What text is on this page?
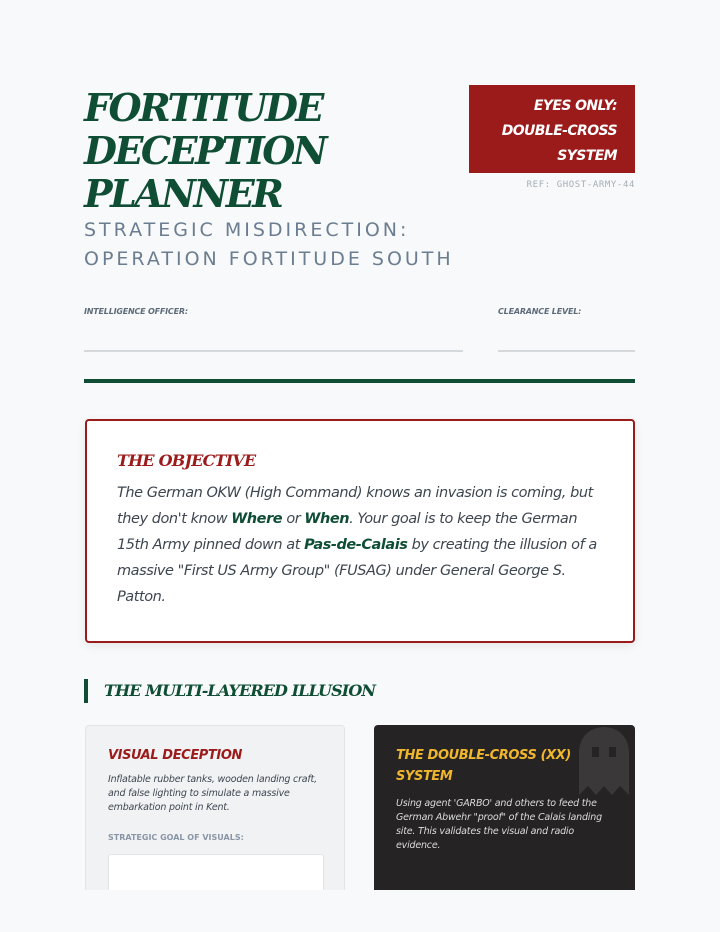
FORTITUDE
DECEPTION
PLANNER
STRATEGIC MISDIRECTION:
OPERATION FORTITUDE SOUTH
EYES ONLY:
DOUBLE-CROSS
SYSTEM
REF: GHOST-ARMY-44
INTELLIGENCE OFFICER:	CLEARANCE LEVEL:
THE OBJECTIVE

The German OKW (High Command) knows an invasion is coming, but they don't know Where or When. Your goal is to keep the German 15th Army pinned down at Pas-de-Calais by creating the illusion of a massive "First US Army Group" (FUSAG) under General George S. Patton.

THE MULTI-LAYERED ILLUSION
VISUAL DECEPTION

Inflatable rubber tanks, wooden landing craft, and false lighting to simulate a massive embarkation point in Kent.

STRATEGIC GOAL OF VISUALS:

THE DOUBLE-CROSS (XX) SYSTEM

Using agent 'GARBO' and others to feed the German Abwehr "proof" of the Calais landing site. This validates the visual and radio evidence.
